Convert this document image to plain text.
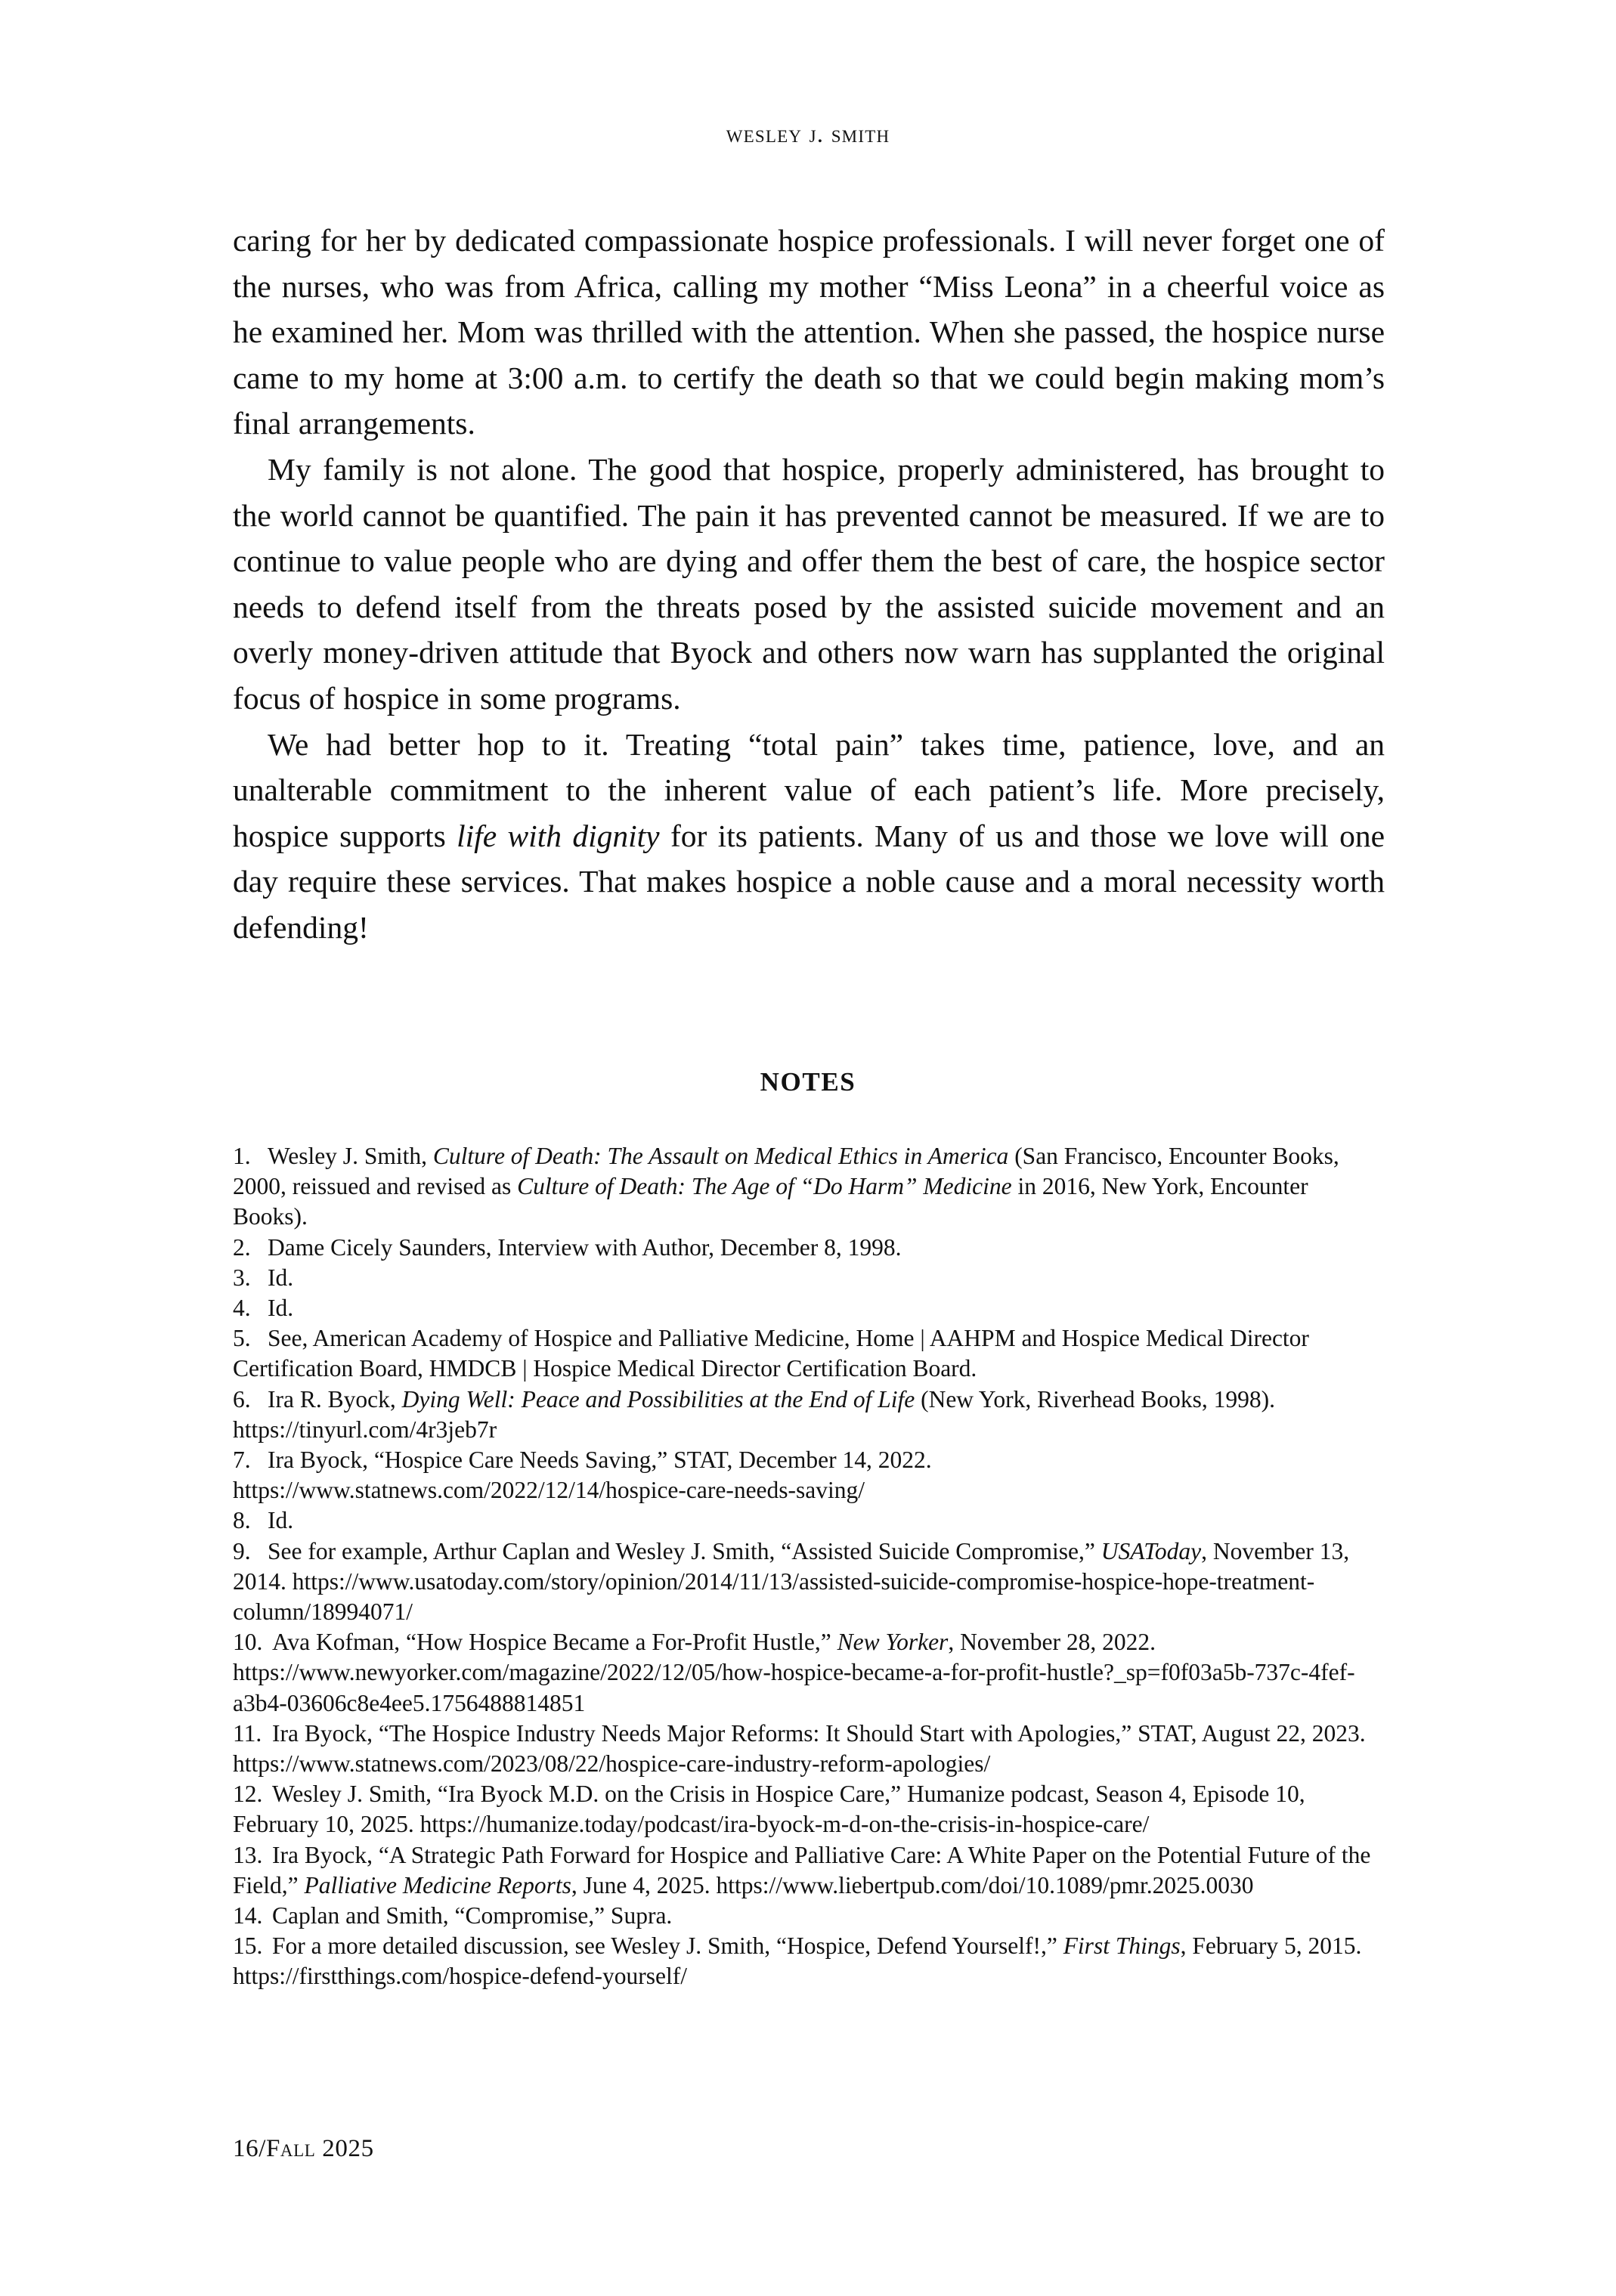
wesley j. smith

caring for her by dedicated compassionate hospice professionals. I will never forget one of the nurses, who was from Africa, calling my mother “Miss Leona” in a cheerful voice as he examined her. Mom was thrilled with the attention. When she passed, the hospice nurse came to my home at 3:00 a.m. to certify the death so that we could begin making mom’s final arrangements.

My family is not alone. The good that hospice, properly administered, has brought to the world cannot be quantified. The pain it has prevented cannot be measured. If we are to continue to value people who are dying and offer them the best of care, the hospice sector needs to defend itself from the threats posed by the assisted suicide movement and an overly money-driven attitude that Byock and others now warn has supplanted the original focus of hospice in some programs.

We had better hop to it. Treating “total pain” takes time, patience, love, and an unalterable commitment to the inherent value of each patient’s life. More precisely, hospice supports life with dignity for its patients. Many of us and those we love will one day require these services. That makes hospice a noble cause and a moral necessity worth defending!

NOTES

1. Wesley J. Smith, Culture of Death: The Assault on Medical Ethics in America (San Francisco, Encounter Books, 2000, reissued and revised as Culture of Death: The Age of “Do Harm” Medicine in 2016, New York, Encounter Books).

2. Dame Cicely Saunders, Interview with Author, December 8, 1998.

3. Id.

4. Id.

5. See, American Academy of Hospice and Palliative Medicine, Home | AAHPM and Hospice Medical Director Certification Board, HMDCB | Hospice Medical Director Certification Board.

6. Ira R. Byock, Dying Well: Peace and Possibilities at the End of Life (New York, Riverhead Books, 1998). https://tinyurl.com/4r3jeb7r

7. Ira Byock, “Hospice Care Needs Saving,” STAT, December 14, 2022. https://www.statnews.com/2022/12/14/hospice-care-needs-saving/

8. Id.

9. See for example, Arthur Caplan and Wesley J. Smith, “Assisted Suicide Compromise,” USAToday, November 13, 2014. https://www.usatoday.com/story/opinion/2014/11/13/assisted-suicide-compromise-hospice-hope-treatment-column/18994071/

10. Ava Kofman, “How Hospice Became a For-Profit Hustle,” New Yorker, November 28, 2022. https://www.newyorker.com/magazine/2022/12/05/how-hospice-became-a-for-profit-hustle?_sp=f0f03a5b-737c-4fef-a3b4-03606c8e4ee5.1756488814851

11. Ira Byock, “The Hospice Industry Needs Major Reforms: It Should Start with Apologies,” STAT, August 22, 2023. https://www.statnews.com/2023/08/22/hospice-care-industry-reform-apologies/

12. Wesley J. Smith, “Ira Byock M.D. on the Crisis in Hospice Care,” Humanize podcast, Season 4, Episode 10, February 10, 2025. https://humanize.today/podcast/ira-byock-m-d-on-the-crisis-in-hospice-care/

13. Ira Byock, “A Strategic Path Forward for Hospice and Palliative Care: A White Paper on the Potential Future of the Field,” Palliative Medicine Reports, June 4, 2025. https://www.liebertpub.com/doi/10.1089/pmr.2025.0030

14. Caplan and Smith, “Compromise,” Supra.

15. For a more detailed discussion, see Wesley J. Smith, “Hospice, Defend Yourself!,” First Things, February 5, 2015. https://firstthings.com/hospice-defend-yourself/

16/Fall 2025
